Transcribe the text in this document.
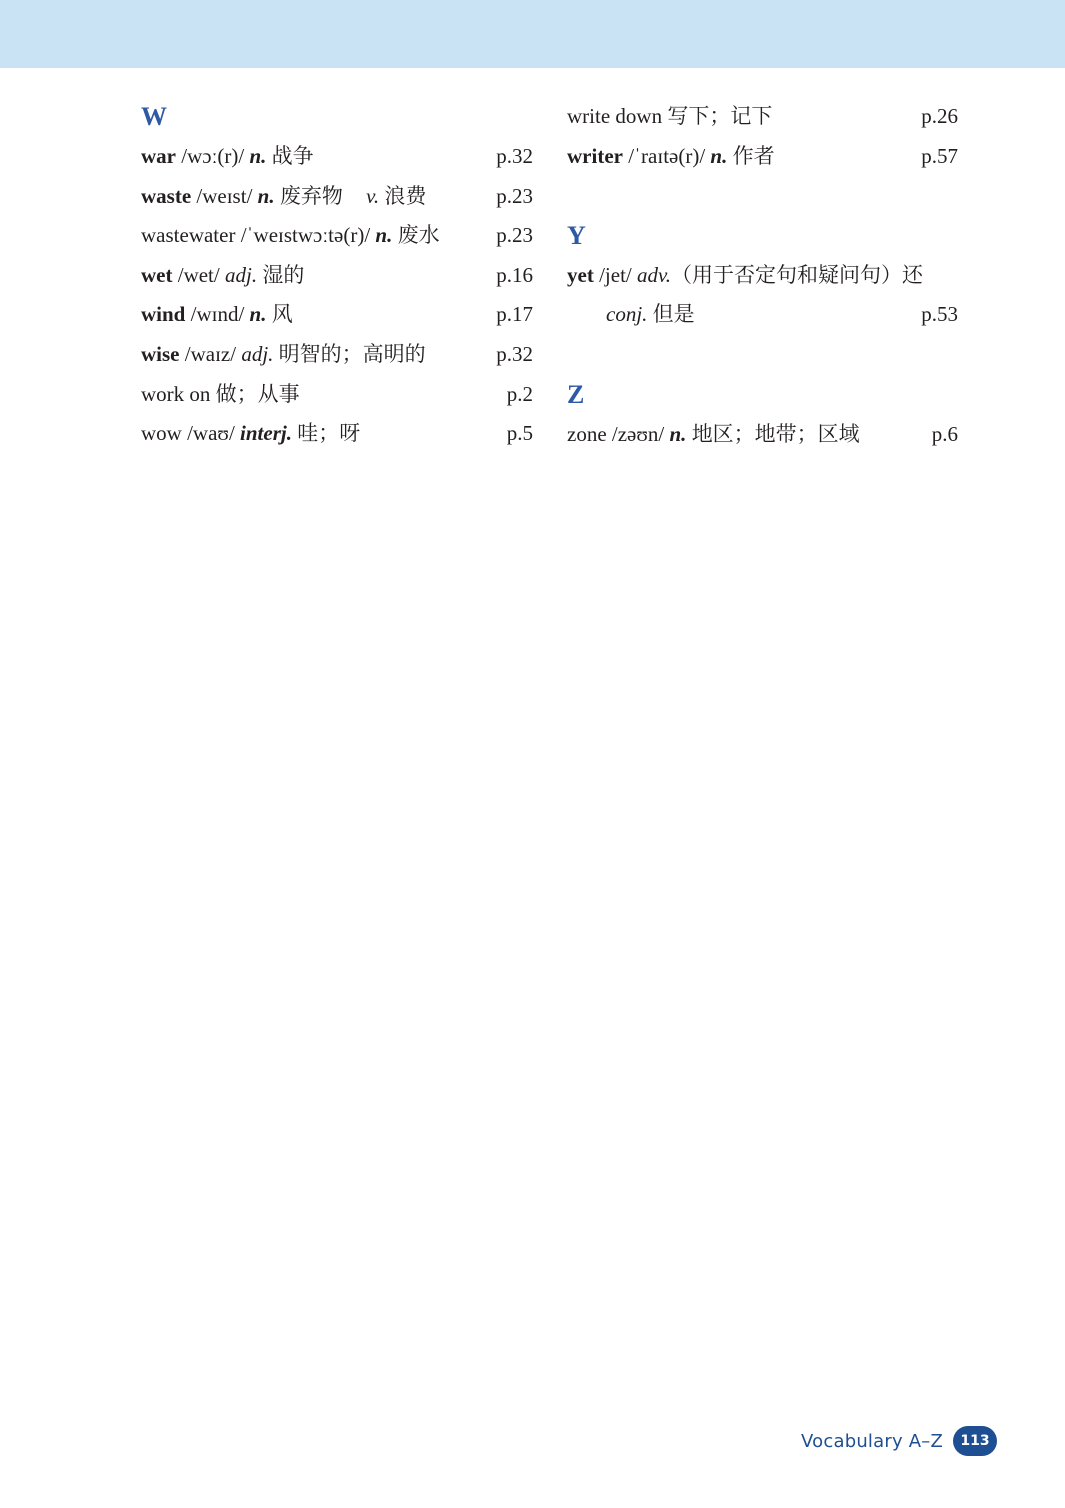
W
war /wɔː(r)/ n. 战争	p.32
waste /weɪst/ n. 废弃物 v. 浪费	p.23
wastewater /ˈweɪstwɔːtə(r)/ n. 废水	p.23
wet /wet/ adj. 湿的	p.16
wind /wɪnd/ n. 风	p.17
wise /waɪz/ adj. 明智的；高明的	p.32
work on 做；从事	p.2
wow /waʊ/ interj. 哇；呀	p.5
write down 写下；记下	p.26
writer /ˈraɪtə(r)/ n. 作者	p.57
Y
yet /jet/ adv.（用于否定句和疑问句）还
conj. 但是	p.53
Z
zone /zəʊn/ n. 地区；地带；区域	p.6
Vocabulary A–Z	113
